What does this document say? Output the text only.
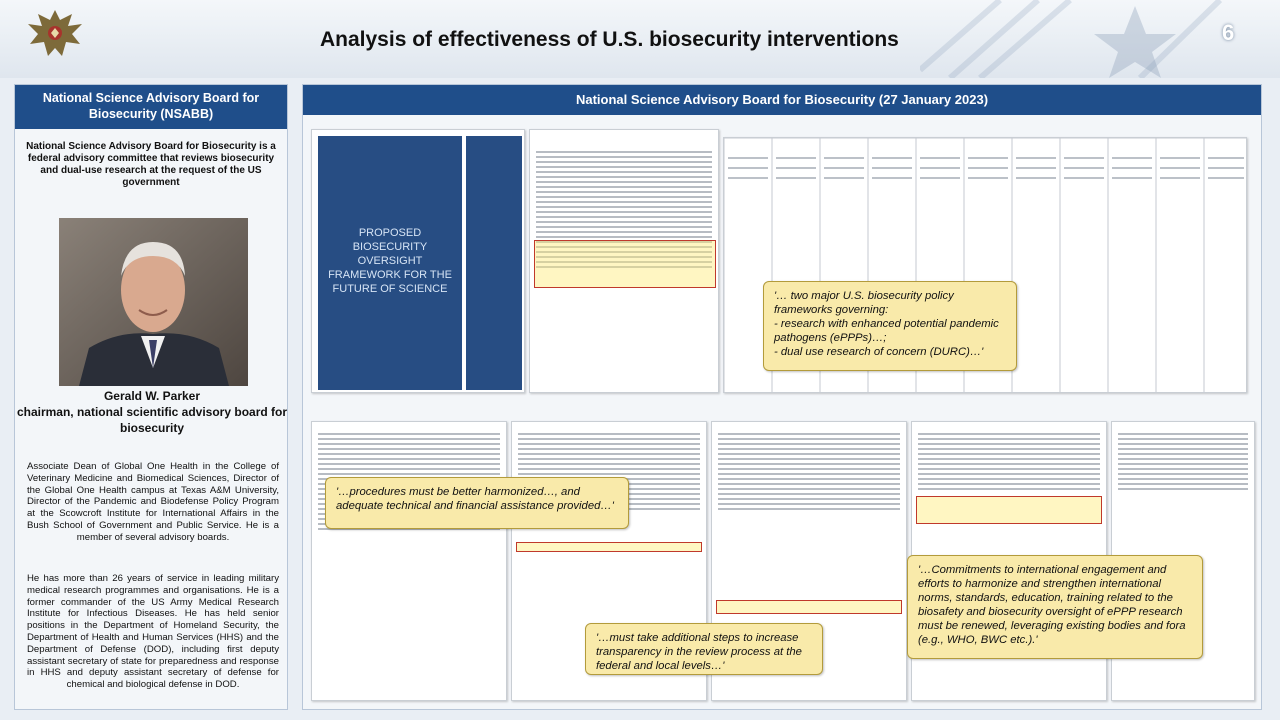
Analysis of effectiveness of U.S. biosecurity interventions	6
National Science Advisory Board for Biosecurity (NSABB)
National Science Advisory Board for Biosecurity is a federal advisory committee that reviews biosecurity and dual-use research at the request of the US government
Gerald W. Parker
chairman, national scientific advisory board for biosecurity
Associate Dean of Global One Health in the College of Veterinary Medicine and Biomedical Sciences, Director of the Global One Health campus at Texas A&M University, Director of the Pandemic and Biodefense Policy Program at the Scowcroft Institute for International Affairs in the Bush School of Government and Public Service. He is a member of several advisory boards.
He has more than 26 years of service in leading military medical research programmes and organisations. He is a former commander of the US Army Medical Research Institute for Infectious Diseases. He has held senior positions in the Department of Homeland Security, the Department of Health and Human Services (HHS) and the Department of Defense (DOD), including first deputy assistant secretary of state for preparedness and response in HHS and deputy assistant secretary of defense for chemical and biological defense in DOD.
National Science Advisory Board for Biosecurity (27 January 2023)
PROPOSED BIOSECURITY OVERSIGHT FRAMEWORK FOR THE FUTURE OF SCIENCE
'… two major U.S. biosecurity policy frameworks governing:
- research with enhanced potential pandemic pathogens (ePPPs)…;
- dual use research of concern (DURC)…'
'…procedures must be better harmonized…, and adequate technical and financial assistance provided…'
'…must take additional steps to increase transparency in the review process at the federal and local levels…'
'…Commitments to international engagement and efforts to harmonize and strengthen international norms, standards, education, training related to the biosafety and biosecurity oversight of ePPP research must be renewed, leveraging existing bodies and fora (e.g., WHO, BWC etc.).'
